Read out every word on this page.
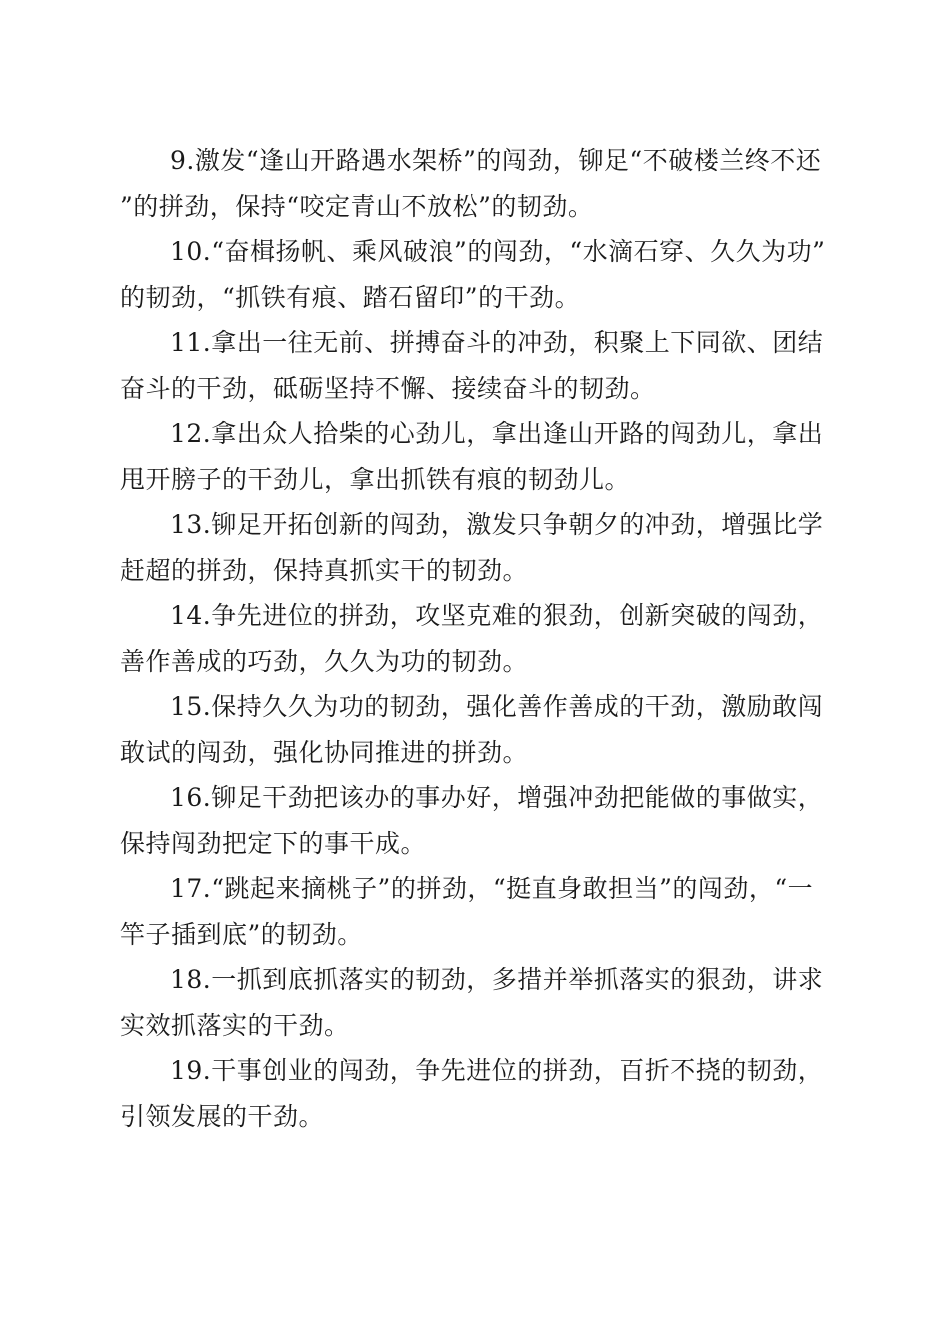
9.激发“逢山开路遇水架桥”的闯劲，铆足“不破楼兰终不还”的拼劲，保持“咬定青山不放松”的韧劲。

10.“奋楫扬帆、乘风破浪”的闯劲，“水滴石穿、久久为功”的韧劲，“抓铁有痕、踏石留印”的干劲。

11.拿出一往无前、拼搏奋斗的冲劲，积聚上下同欲、团结奋斗的干劲，砥砺坚持不懈、接续奋斗的韧劲。

12.拿出众人拾柴的心劲儿，拿出逢山开路的闯劲儿，拿出甩开膀子的干劲儿，拿出抓铁有痕的韧劲儿。

13.铆足开拓创新的闯劲，激发只争朝夕的冲劲，增强比学赶超的拼劲，保持真抓实干的韧劲。

14.争先进位的拼劲，攻坚克难的狠劲，创新突破的闯劲，善作善成的巧劲，久久为功的韧劲。

15.保持久久为功的韧劲，强化善作善成的干劲，激励敢闯敢试的闯劲，强化协同推进的拼劲。

16.铆足干劲把该办的事办好，增强冲劲把能做的事做实，保持闯劲把定下的事干成。

17.“跳起来摘桃子”的拼劲，“挺直身敢担当”的闯劲，“一竿子插到底”的韧劲。

18.一抓到底抓落实的韧劲，多措并举抓落实的狠劲，讲求实效抓落实的干劲。

19.干事创业的闯劲，争先进位的拼劲，百折不挠的韧劲，引领发展的干劲。
